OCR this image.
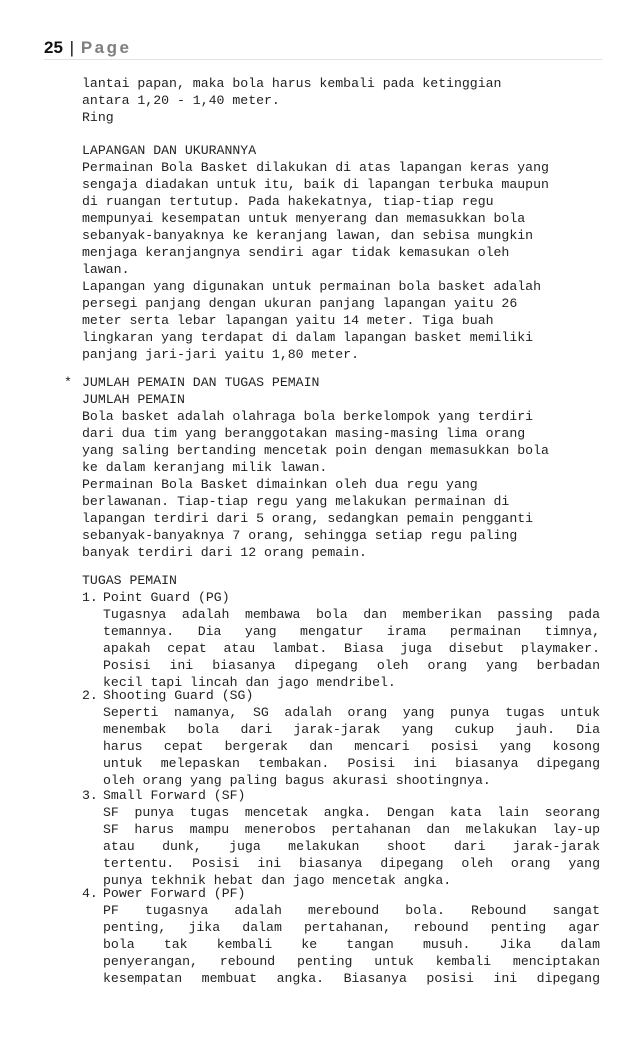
25 | Page
lantai papan, maka bola harus kembali pada ketinggian
antara 1,20 - 1,40 meter.
Ring
LAPANGAN DAN UKURANNYA
Permainan Bola Basket dilakukan di atas lapangan keras yang
sengaja diadakan untuk itu, baik di lapangan terbuka maupun
di ruangan tertutup. Pada hakekatnya, tiap-tiap regu
mempunyai kesempatan untuk menyerang dan memasukkan bola
sebanyak-banyaknya ke keranjang lawan, dan sebisa mungkin
menjaga keranjangnya sendiri agar tidak kemasukan oleh
lawan.
Lapangan yang digunakan untuk permainan bola basket adalah
persegi panjang dengan ukuran panjang lapangan yaitu 26
meter serta lebar lapangan yaitu 14 meter. Tiga buah
lingkaran yang terdapat di dalam lapangan basket memiliki
panjang jari-jari yaitu 1,80 meter.
* JUMLAH PEMAIN DAN TUGAS PEMAIN
JUMLAH PEMAIN
Bola basket adalah olahraga bola berkelompok yang terdiri
dari dua tim yang beranggotakan masing-masing lima orang
yang saling bertanding mencetak poin dengan memasukkan bola
ke dalam keranjang milik lawan.
Permainan Bola Basket dimainkan oleh dua regu yang
berlawanan. Tiap-tiap regu yang melakukan permainan di
lapangan terdiri dari 5 orang, sedangkan pemain pengganti
sebanyak-banyaknya 7 orang, sehingga setiap regu paling
banyak terdiri dari 12 orang pemain.
TUGAS PEMAIN
1. Point Guard (PG)
Tugasnya adalah membawa bola dan memberikan passing pada
temannya. Dia yang mengatur irama permainan timnya,
apakah cepat atau lambat. Biasa juga disebut playmaker.
Posisi ini biasanya dipegang oleh orang yang berbadan
kecil tapi lincah dan jago mendribel.
2. Shooting Guard (SG)
Seperti namanya, SG adalah orang yang punya tugas untuk
menembak bola dari jarak-jarak yang cukup jauh. Dia
harus cepat bergerak dan mencari posisi yang kosong
untuk melepaskan tembakan. Posisi ini biasanya dipegang
oleh orang yang paling bagus akurasi shootingnya.
3. Small Forward (SF)
SF punya tugas mencetak angka. Dengan kata lain seorang
SF harus mampu menerobos pertahanan dan melakukan lay-up
atau dunk, juga melakukan shoot dari jarak-jarak
tertentu. Posisi ini biasanya dipegang oleh orang yang
punya tekhnik hebat dan jago mencetak angka.
4. Power Forward (PF)
PF tugasnya adalah merebound bola. Rebound sangat
penting, jika dalam pertahanan, rebound penting agar
bola tak kembali ke tangan musuh. Jika dalam
penyerangan, rebound penting untuk kembali menciptakan
kesempatan membuat angka. Biasanya posisi ini dipegang
